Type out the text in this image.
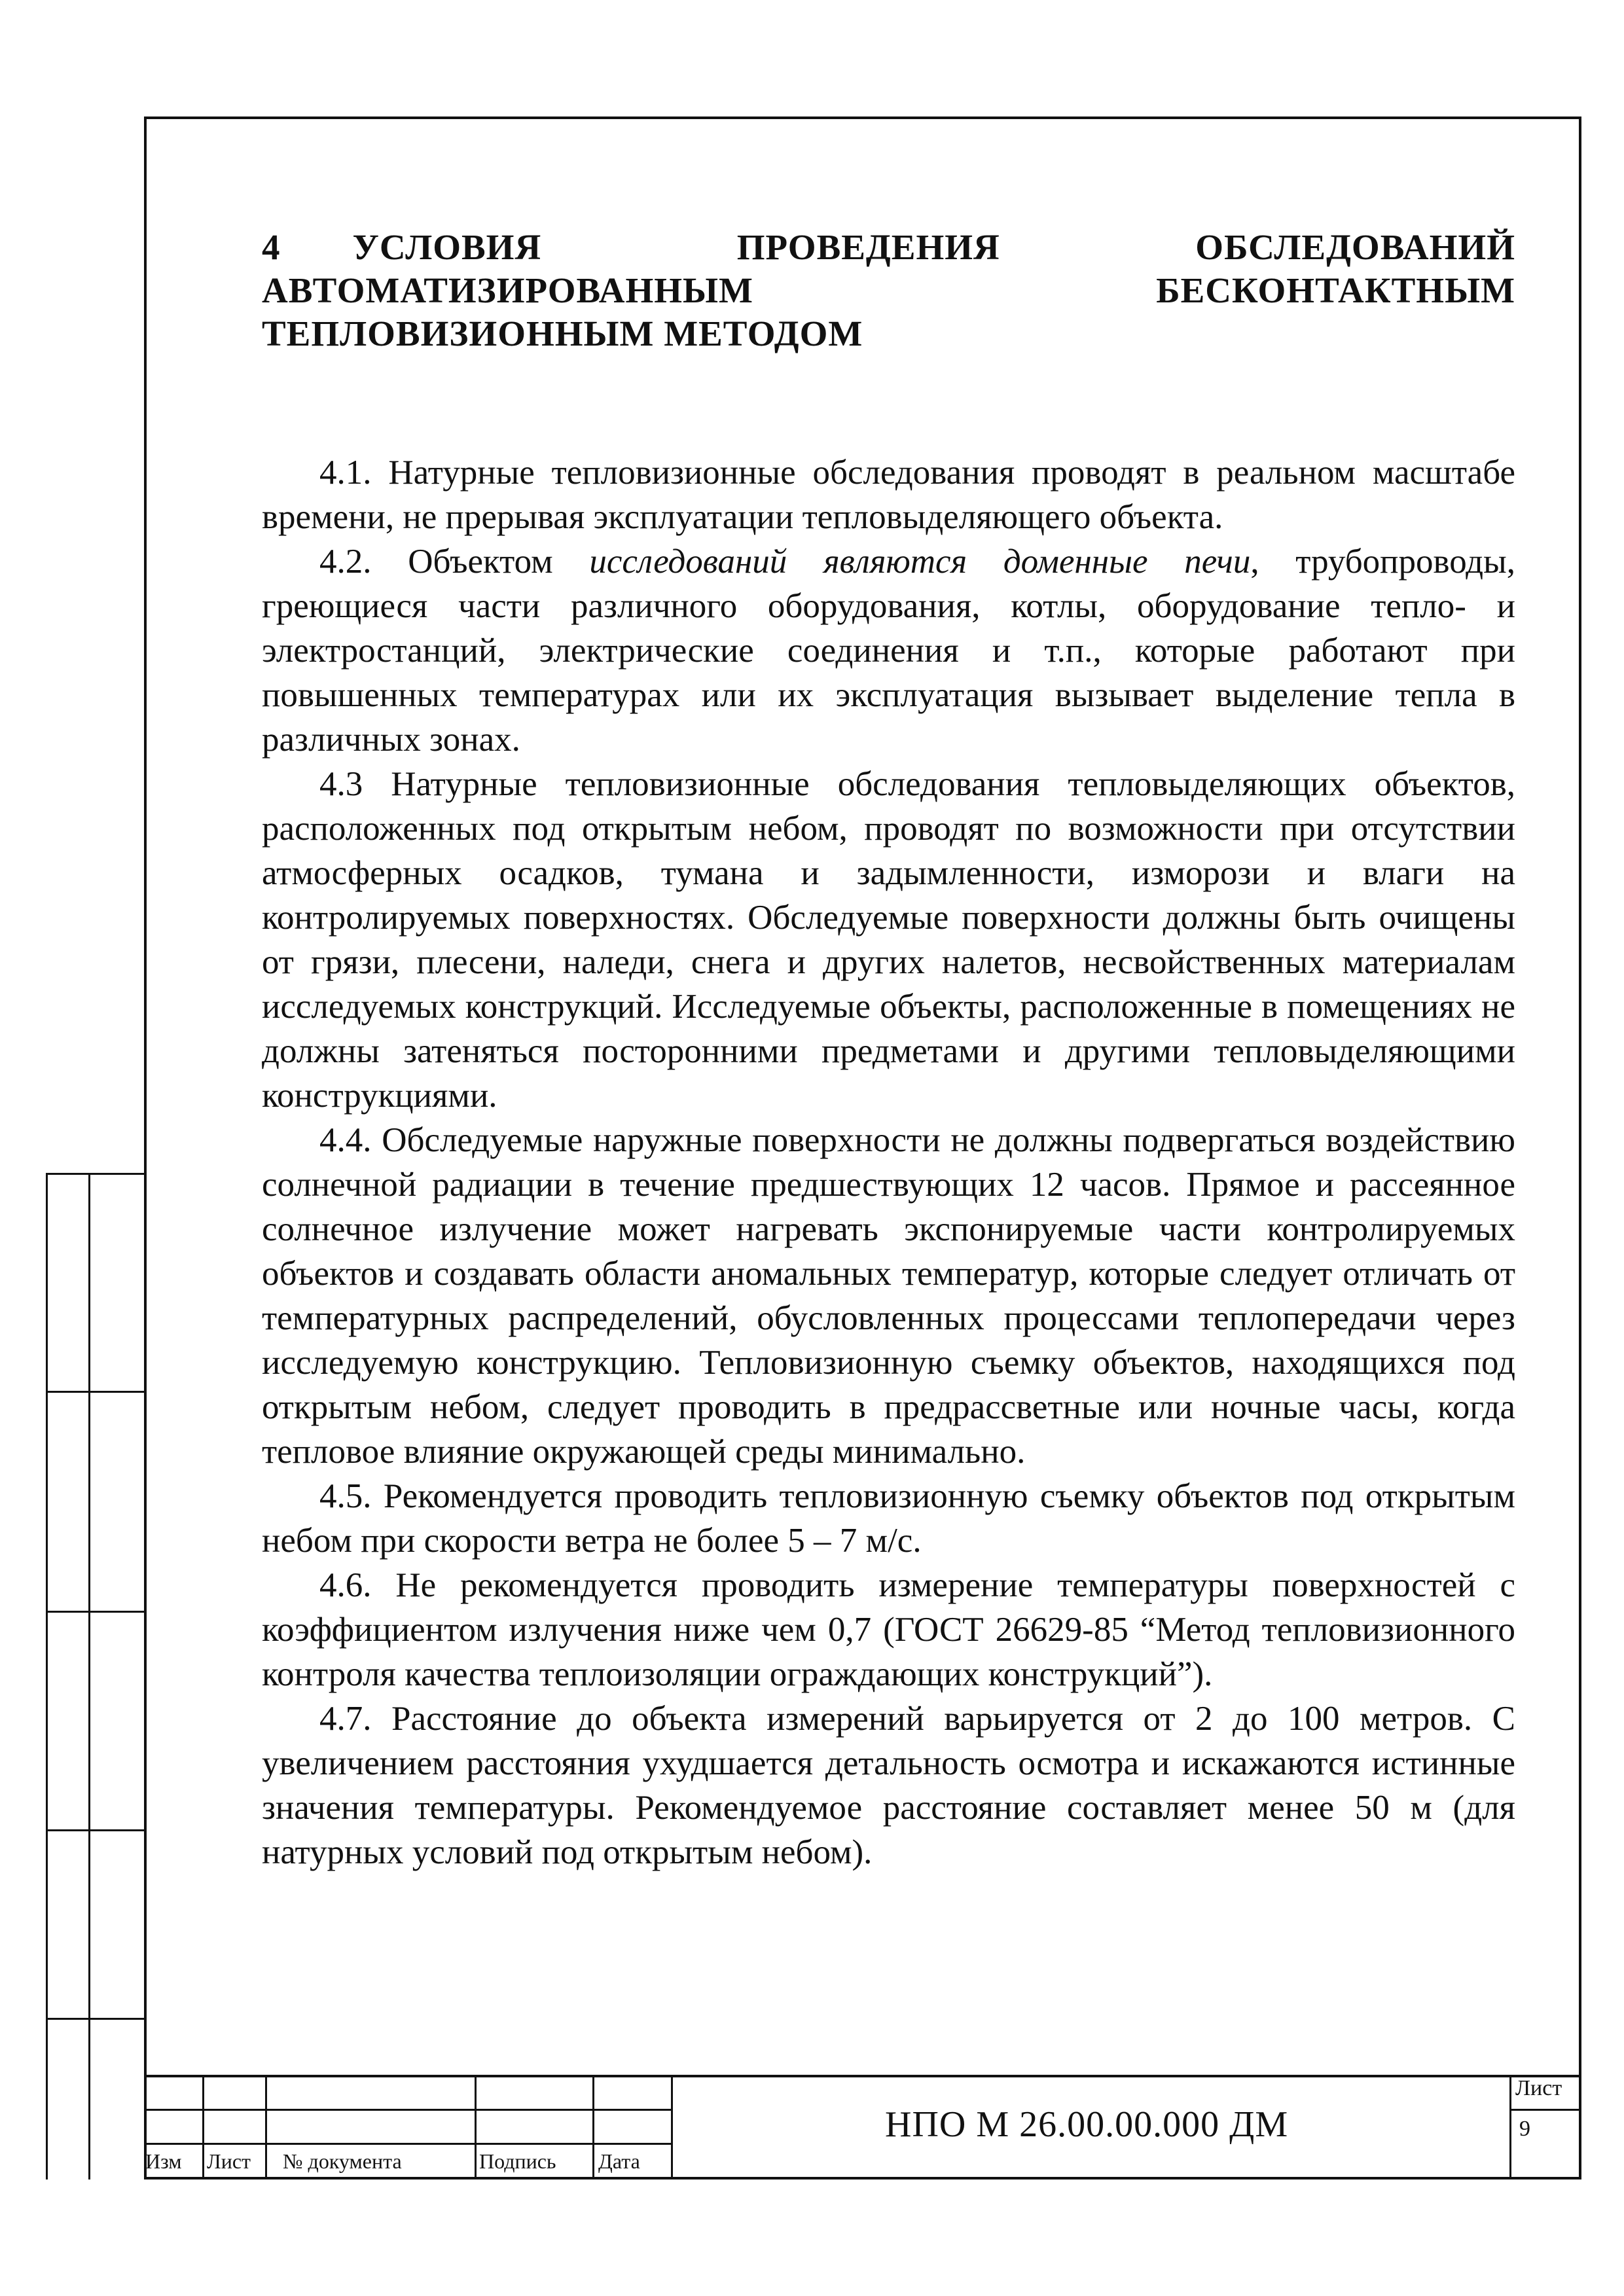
4 УСЛОВИЯ ПРОВЕДЕНИЯ ОБСЛЕДОВАНИЙ АВТОМАТИЗИРОВАННЫМ БЕСКОНТАКТНЫМ ТЕПЛОВИЗИОННЫМ МЕТОДОМ

4.1. Натурные тепловизионные обследования проводят в реальном масштабе времени, не прерывая эксплуатации тепловыделяющего объекта.

4.2. Объектом исследований являются доменные печи, трубопроводы, греющиеся части различного оборудования, котлы, оборудование тепло- и электростанций, электрические соединения и т.п., которые работают при повышенных температурах или их эксплуатация вызывает выделение тепла в различных зонах.

4.3 Натурные тепловизионные обследования тепловыделяющих объектов, расположенных под открытым небом, проводят по возможности при отсутствии атмосферных осадков, тумана и задымленности, изморози и влаги на контролируемых поверхностях. Обследуемые поверхности должны быть очищены от грязи, плесени, наледи, снега и других налетов, несвойственных материалам исследуемых конструкций. Исследуемые объекты, расположенные в помещениях не должны затеняться посторонними предметами и другими тепловыделяющими конструкциями.

4.4. Обследуемые наружные поверхности не должны подвергаться воздействию солнечной радиации в течение предшествующих 12 часов. Прямое и рассеянное солнечное излучение может нагревать экспонируемые части контролируемых объектов и создавать области аномальных температур, которые следует отличать от температурных распределений, обусловленных процессами теплопередачи через исследуемую конструкцию. Тепловизионную съемку объектов, находящихся под открытым небом, следует проводить в предрассветные или ночные часы, когда тепловое влияние окружающей среды минимально.

4.5. Рекомендуется проводить тепловизионную съемку объектов под открытым небом при скорости ветра не более 5 – 7 м/с.

4.6. Не рекомендуется проводить измерение температуры поверхностей с коэффициентом излучения ниже чем 0,7 (ГОСТ 26629-85 “Метод тепловизионного контроля качества теплоизоляции ограждающих конструкций”).

4.7. Расстояние до объекта измерений варьируется от 2 до 100 метров. С увеличением расстояния ухудшается детальность осмотра и искажаются истинные значения температуры. Рекомендуемое расстояние составляет менее 50 м (для натурных условий под открытым небом).

Изм Лист № документа	Подпись Дата
НПО М 26.00.00.000 ДМ
Лист
9
